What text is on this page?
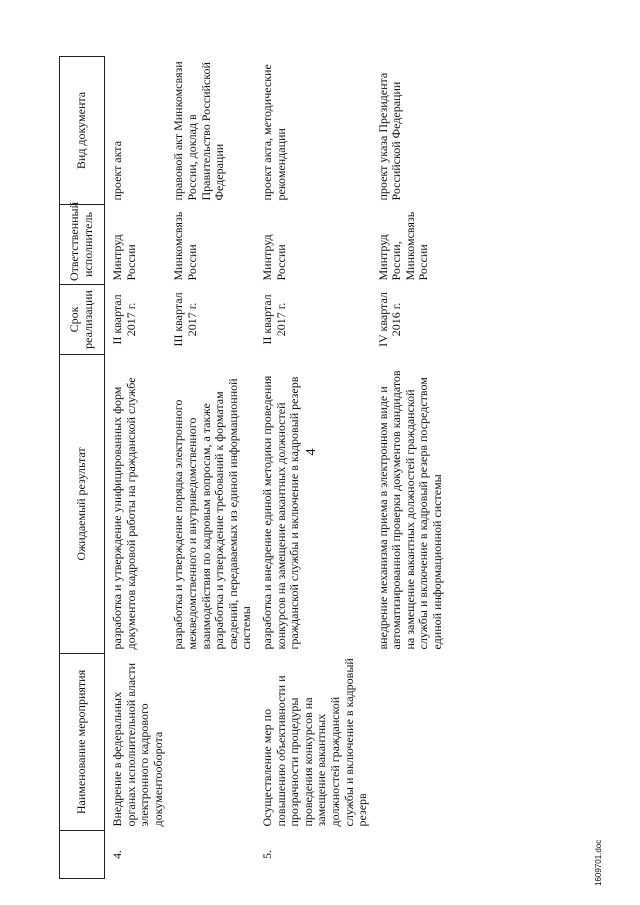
4
1609701.doc
	Наименование мероприятия	Ожидаемый результат	Срок реализации	Ответственный исполнитель	Вид документа
4.	Внедрение в федеральных органах исполнительной власти электронного кадрового документооборота	разработка и утверждение унифицированных форм документов кадровой работы на гражданской службе	II квартал 2017 г.	Минтруд России	проект акта
		разработка и утверждение порядка электронного межведомственного и внутриведомственного взаимодействия по кадровым вопросам, а также разработка и утверждение требований к форматам сведений, передаваемых из единой информационной системы	III квартал 2017 г.	Минкомсвязь России	правовой акт Минкомсвязи России, доклад в Правительство Российской Федерации
5.	Осуществление мер по повышению объективности и прозрачности процедуры проведения конкурсов на замещение вакантных должностей гражданской службы и включение в кадровый резерв	разработка и внедрение единой методики проведения конкурсов на замещение вакантных должностей гражданской службы и включение в кадровый резерв	II квартал 2017 г.	Минтруд России	проект акта, методические рекомендации
		внедрение механизма приема в электронном виде и автоматизированной проверки документов кандидатов на замещение вакантных должностей гражданской службы и включение в кадровый резерв посредством единой информационной системы	IV квартал 2016 г.	Минтруд России, Минкомсвязь России	проект указа Президента Российской Федерации
